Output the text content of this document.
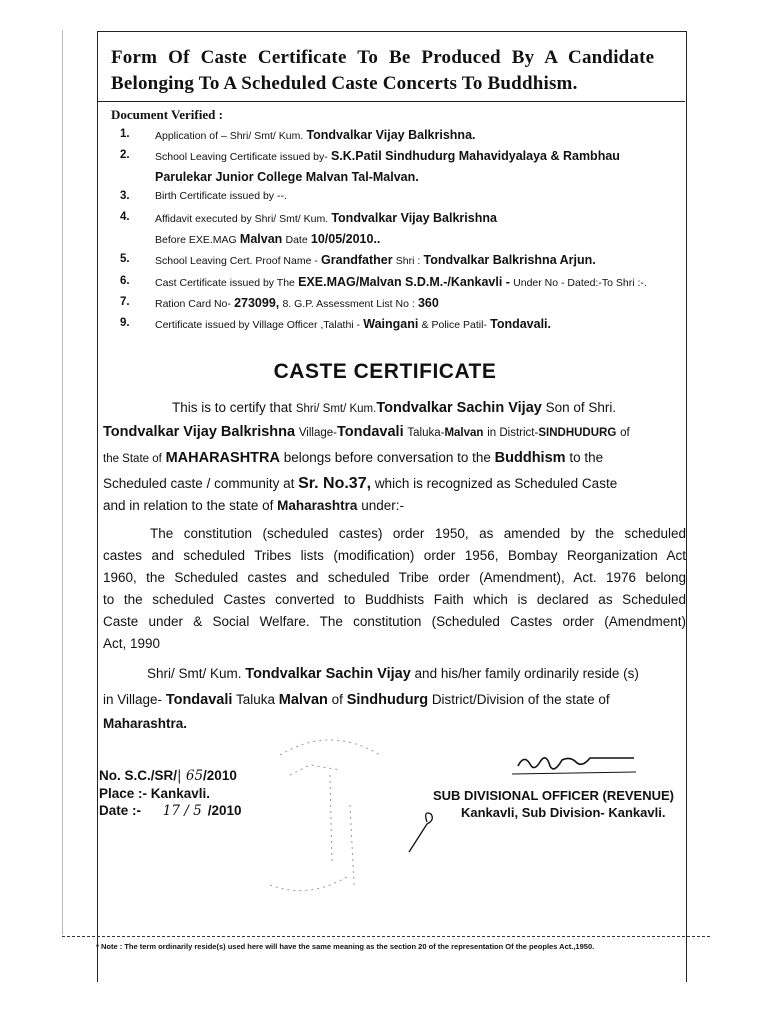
Form Of Caste Certificate To Be Produced By A Candidate
Belonging To A Scheduled Caste Concerts To Buddhism.
Document Verified :
1.	Application of – Shri/ Smt/ Kum. Tondvalkar Vijay Balkrishna.
2.	School Leaving Certificate issued by- S.K.Patil Sindhudurg Mahavidyalaya & Rambhau
Parulekar Junior College Malvan Tal-Malvan.
3.	Birth Certificate issued by --.
4.	Affidavit executed by Shri/ Smt/ Kum. Tondvalkar Vijay Balkrishna
Before EXE.MAG Malvan Date 10/05/2010..
5.	School Leaving Cert. Proof Name - Grandfather Shri : Tondvalkar Balkrishna Arjun.
6.	Cast Certificate issued by The EXE.MAG/Malvan S.D.M.-/Kankavli - Under No - Dated:-To Shri :-.
7.	Ration Card No- 273099, 8. G.P. Assessment List No : 360
9.	Certificate issued by Village Officer ,Talathi - Waingani & Police Patil- Tondavali.
CASTE CERTIFICATE
This is to certify that Shri/ Smt/ Kum.Tondvalkar Sachin Vijay Son of Shri.
Tondvalkar Vijay Balkrishna Village-Tondavali Taluka-Malvan in District-SINDHUDURG of
the State of MAHARASHTRA belongs before conversation to the Buddhism to the
Scheduled caste / community at Sr. No.37, which is recognized as Scheduled Caste
and in relation to the state of Maharashtra under:-
The constitution (scheduled castes) order 1950, as amended by the scheduled
castes and scheduled Tribes lists (modification) order 1956, Bombay Reorganization Act
1960, the Scheduled castes and scheduled Tribe order (Amendment), Act. 1976 belong
to the scheduled Castes converted to Buddhists Faith which is declared as Scheduled
Caste under & Social Welfare. The constitution (Scheduled Castes order (Amendment)
Act, 1990
Shri/ Smt/ Kum. Tondvalkar Sachin Vijay and his/her family ordinarily reside (s)
in Village- Tondavali Taluka Malvan of Sindhudurg District/Division of the state of
Maharashtra.
No. S.C./SR/| 65/2010
Place :- Kankavli.
Date :- 17 / 5 /2010
SUB DIVISIONAL OFFICER (REVENUE)
Kankavli, Sub Division- Kankavli.
* Note : The term ordinarily reside(s) used here will have the same meaning as the section 20 of the representation Of the peoples Act.,1950.
